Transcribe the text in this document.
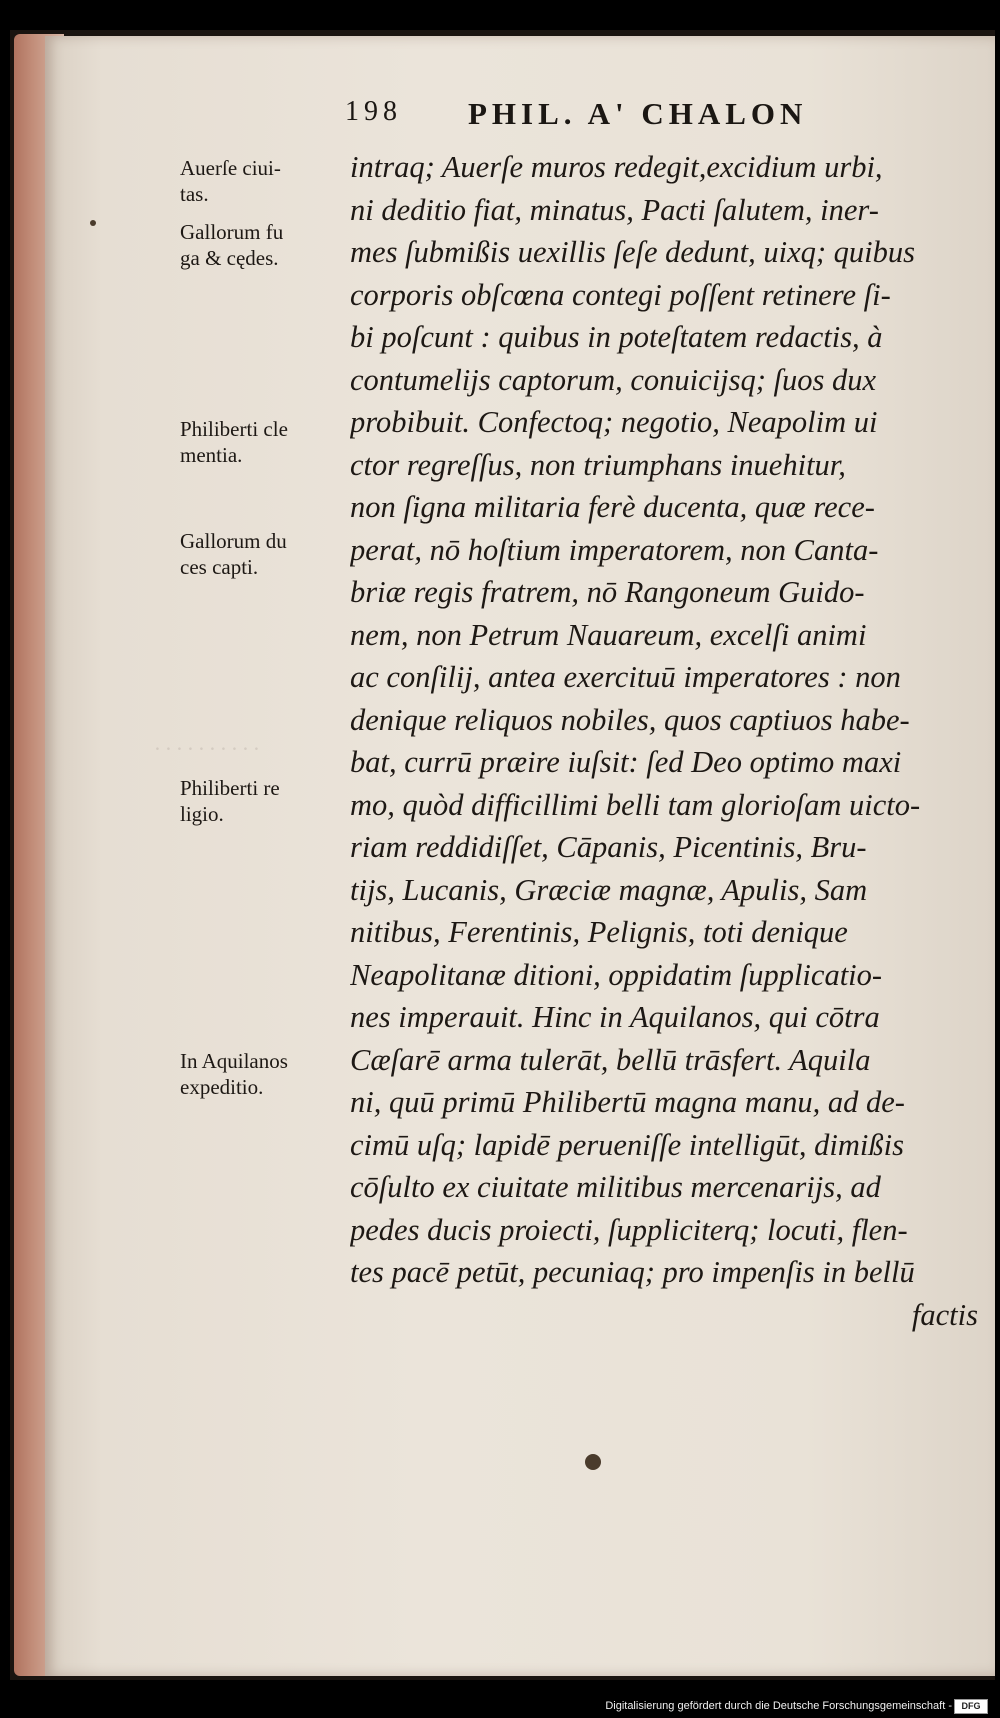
· · · · · · · · · ·
198 PHIL. A' CHALON
intraq; Auerſe muros redegit,excidium urbi,
ni deditio fiat, minatus, Pacti ſalutem, iner-
mes ſubmißis uexillis ſeſe dedunt, uixq; quibus
corporis obſcœna contegi poſſent retinere ſi-
bi poſcunt : quibus in poteſtatem redactis, à
contumelijs captorum, conuicijsq; ſuos dux
probibuit. Confectoq; negotio, Neapolim ui
ctor regreſſus, non triumphans inuehitur,
non ſigna militaria ferè ducenta, quæ rece-
perat, nō hoſtium imperatorem, non Canta-
briæ regis fratrem, nō Rangoneum Guido-
nem, non Petrum Nauareum, excelſi animi
ac conſilij, antea exercituū imperatores : non
denique reliquos nobiles, quos captiuos habe-
bat, currū præire iuſsit: ſed Deo optimo maxi
mo, quòd difficillimi belli tam glorioſam uicto-
riam reddidiſſet, Cāpanis, Picentinis, Bru-
tijs, Lucanis, Græciæ magnæ, Apulis, Sam
nitibus, Ferentinis, Pelignis, toti denique
Neapolitanæ ditioni, oppidatim ſupplicatio-
nes imperauit. Hinc in Aquilanos, qui cōtra
Cæſarē arma tulerāt, bellū trāsfert. Aquila
ni, quū primū Philibertū magna manu, ad de-
cimū uſq; lapidē perueniſſe intelligūt, dimißis
cōſulto ex ciuitate militibus mercenarijs, ad
pedes ducis proiecti, ſuppliciterq; locuti, flen-
tes pacē petūt, pecuniaq; pro impenſis in bellū
factis
Auerſe ciui-
tas.
Gallorum fu
ga & cędes.
Philiberti cle
mentia.
Gallorum du
ces capti.
Philiberti re
ligio.
In Aquilanos
expeditio.
Digitalisierung gefördert durch die Deutsche Forschungsgemeinschaft -	DFG
